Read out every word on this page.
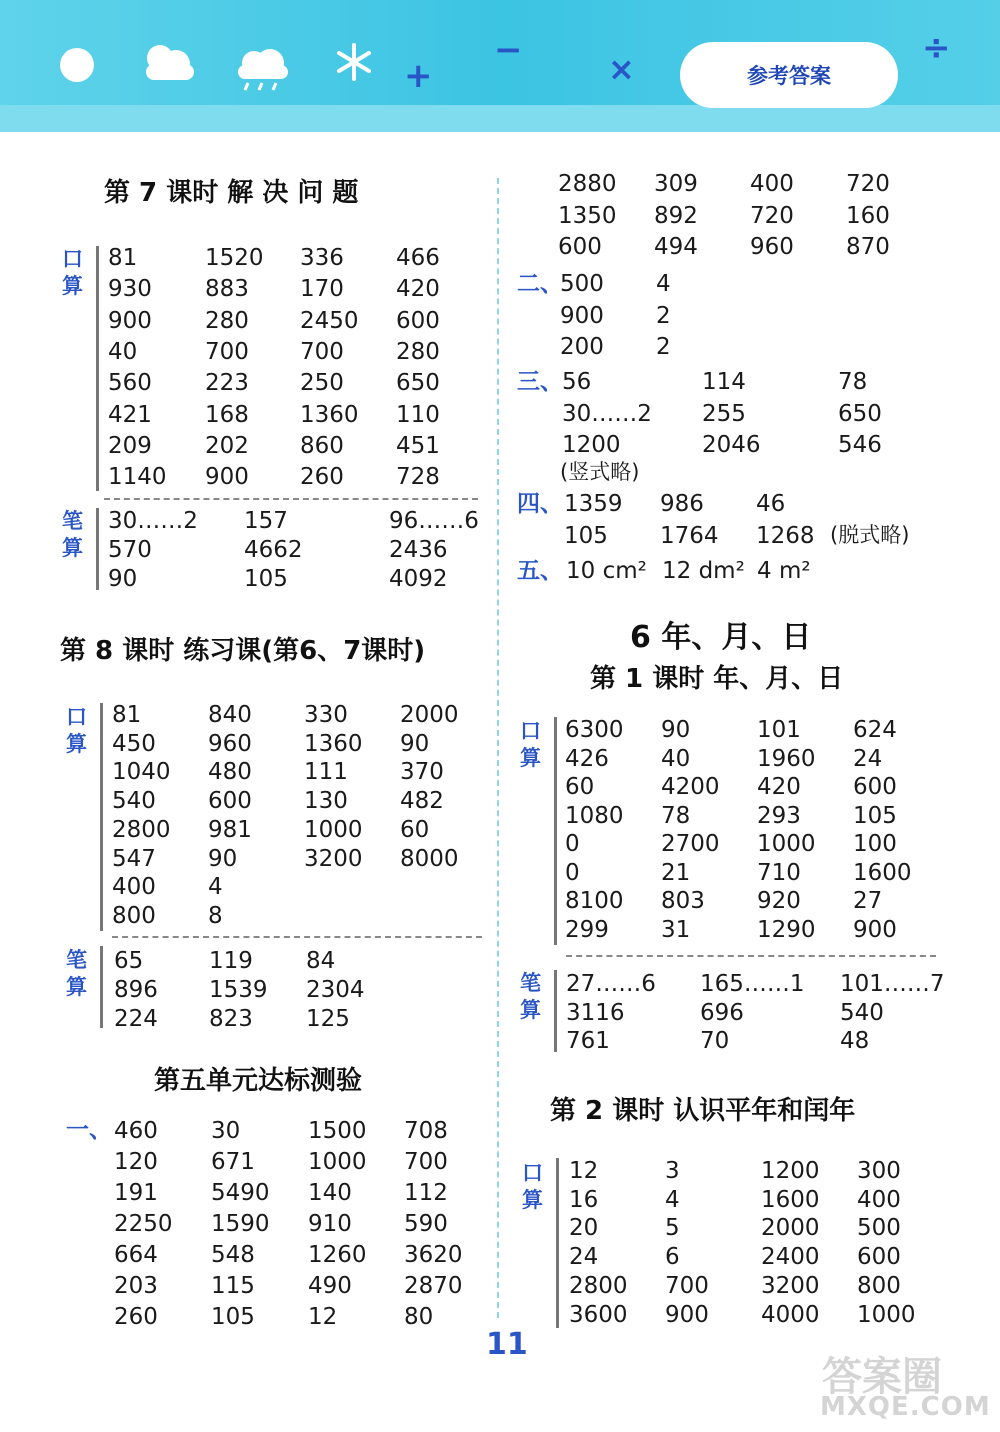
+
−	×
÷
参考答案
第 7 课时 解 决 问 题
口
算
81	1520 336 466
930 883 170 420
900 280 2450 600
40	700 700 280
560 223 250 650
421 168 1360 110
209 202 860 451
1140 900 260 728
笔
算
30……2 157	96……6
570	4662	2436
90	105	4092
第 8 课时 练习课(第6、7课时)
口
算
81	840 330 2000
450 960 1360 90
1040 480 111 370
540 600 130 482
2800 981 1000 60
547 90	3200 8000
400 4
800 8
笔
算
65	119 84
896 1539 2304
224 823 125
第五单元达标测验
一、 460 30	1500 708
120 671 1000 700
191 5490 140 112
2250 1590 910 590
664 548 1260 3620
203 115 490 2870
260 105 12	80
2880 309 400 720
1350 892 720 160
600 494 960 870
二、
500 4
900 2
200 2
三、 56	114	78
30……2 255	650
1200	2046	546
(竖式略)
四、 1359 986 46
105 1764 1268 (脱式略)
五、 10 cm² 12 dm² 4 m²
6 年、月、日
第 1 课时 年、月、日
口
算
6300 90	101 624
426 40	1960 24
60	4200 420 600
1080 78	293 105
0	2700 1000 100
0	21	710 1600
8100 803 920 27
299 31	1290 900
笔
算
27……6 165……1 101……7
3116	696	540
761	70	48
第 2 课时 认识平年和闰年
口
算
12	3	1200 300
16	4	1600 400
20	5	2000 500
24	6	2400 600
2800 700 3200 800
3600 900 4000 1000
11
答案圈
MXQE.COM
